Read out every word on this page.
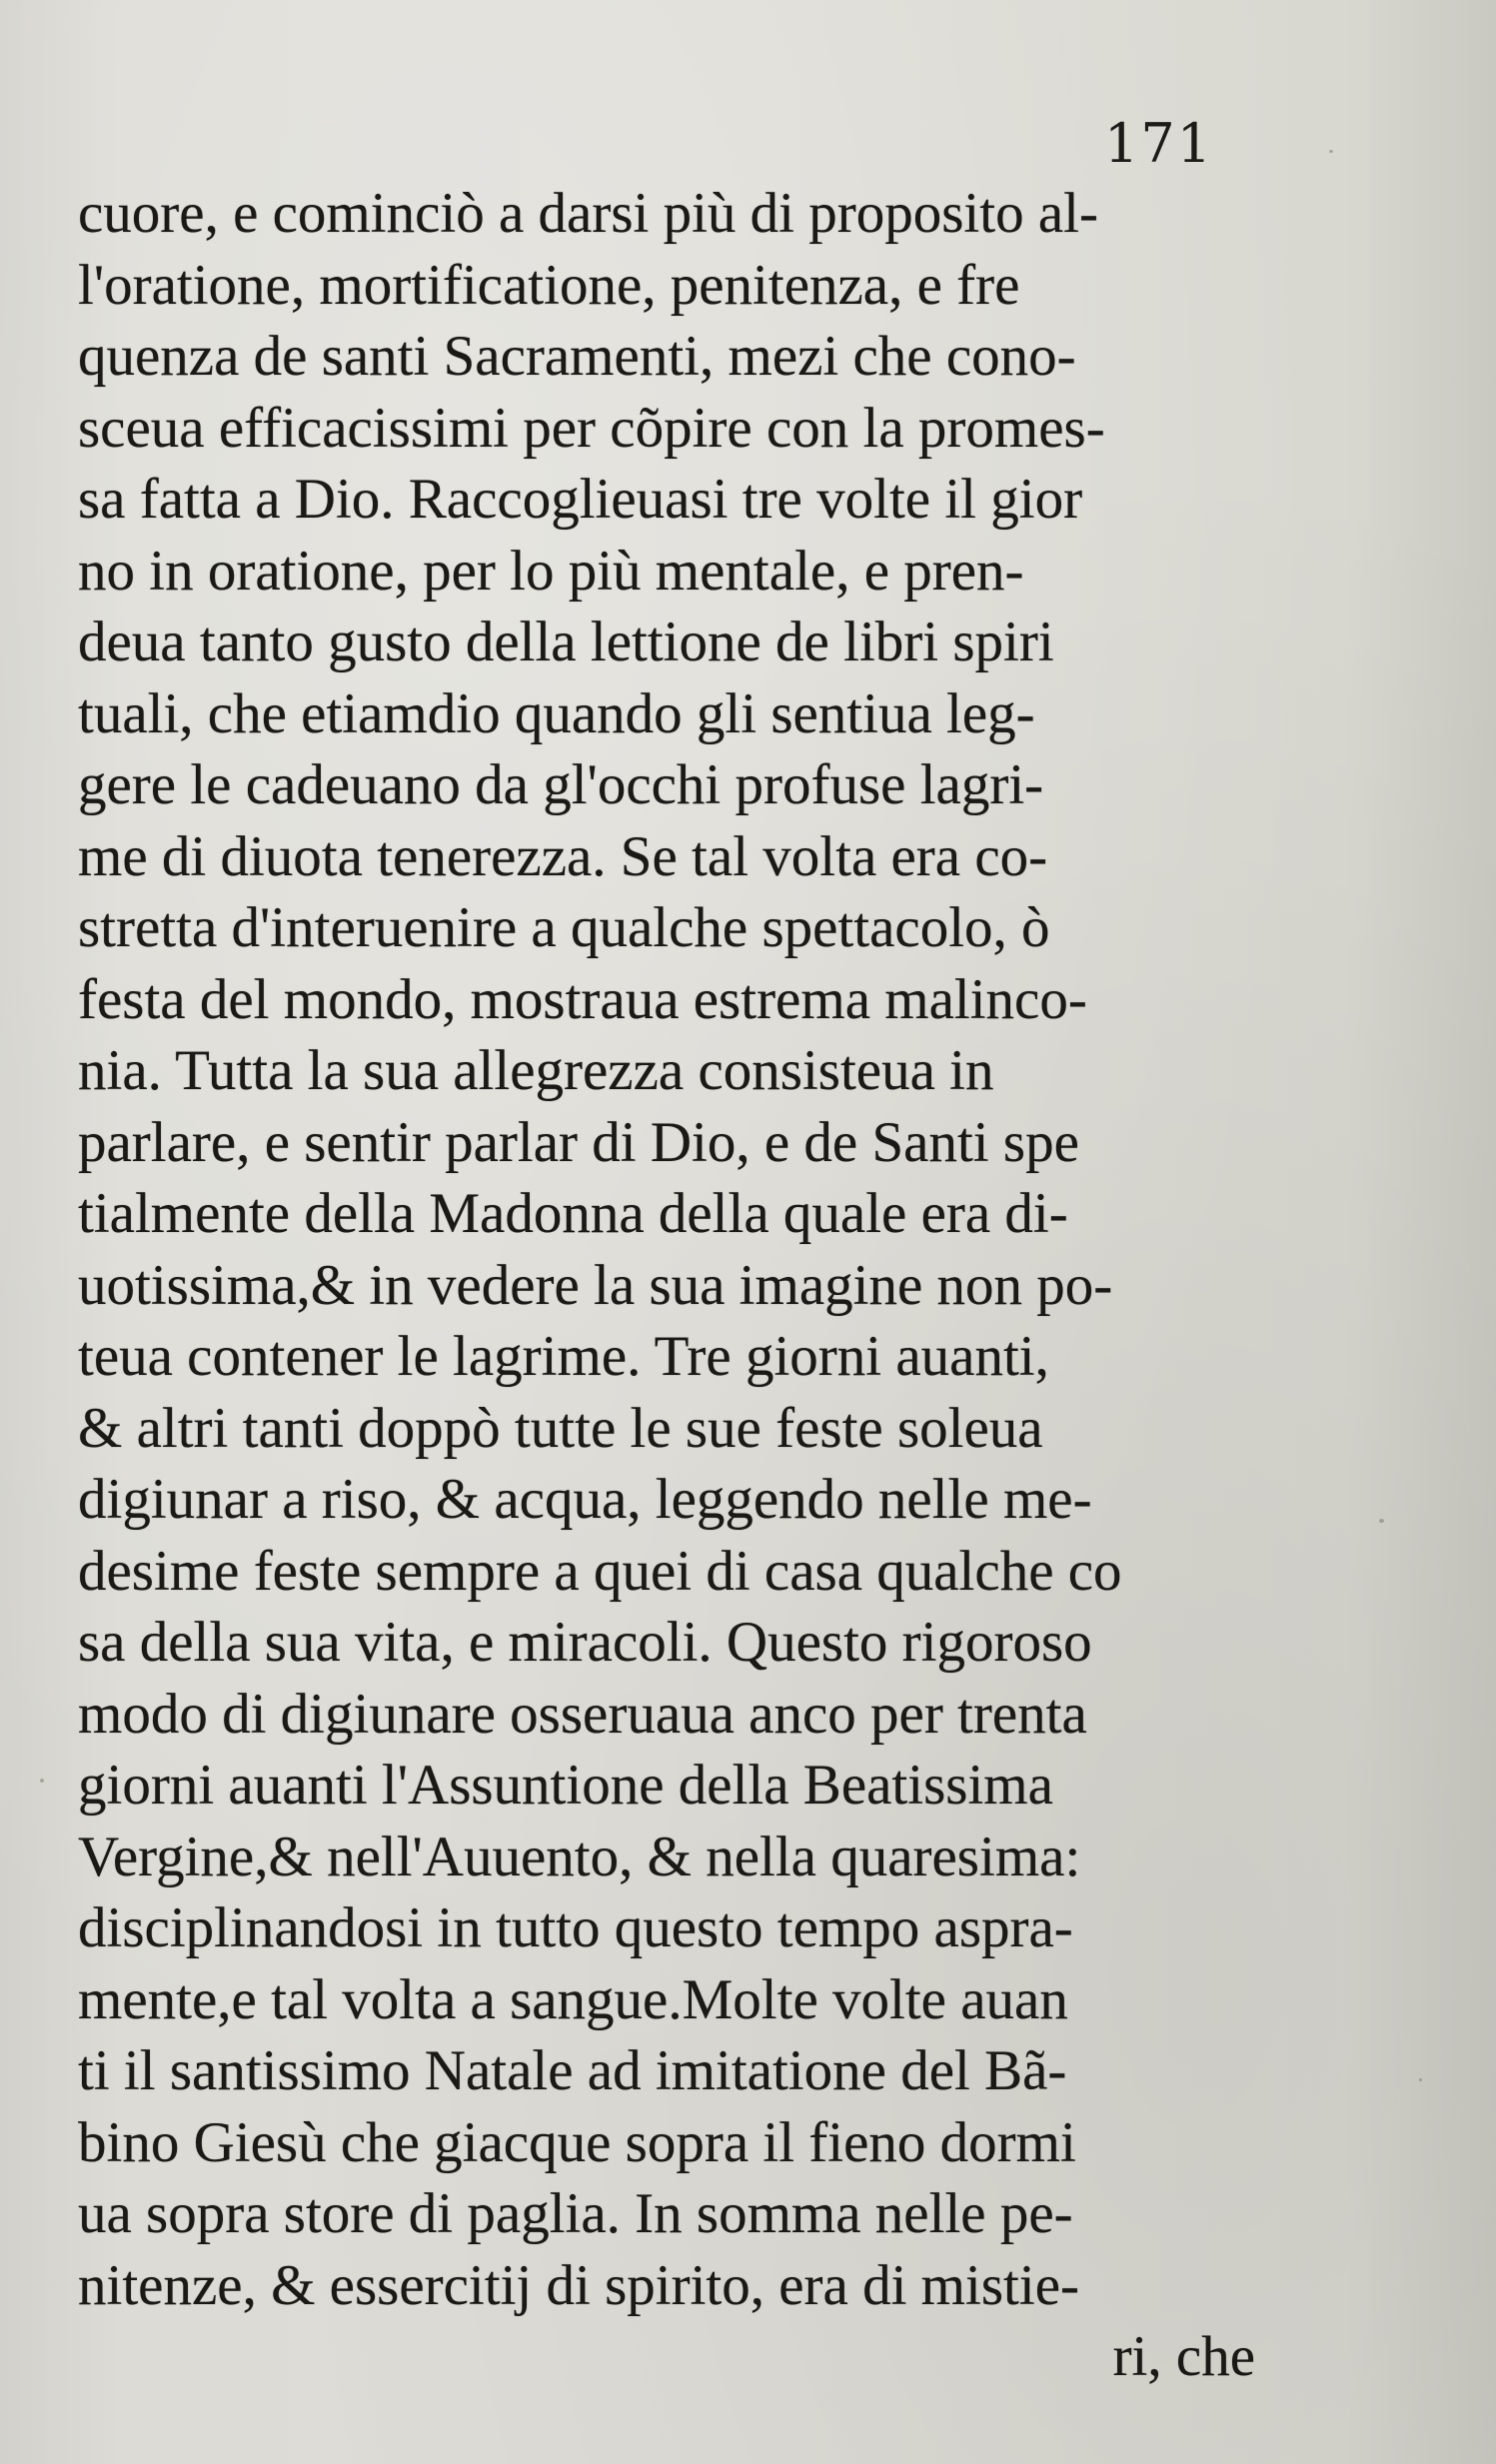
171
cuore, e cominciò a darsi più di proposito al-
l'oratione, mortificatione, penitenza, e fre
quenza de santi Sacramenti, mezi che cono-
sceua efficacissimi per cõpire con la promes-
sa fatta a Dio. Raccoglieuasi tre volte il gior
no in oratione, per lo più mentale, e pren-
deua tanto gusto della lettione de libri spiri
tuali, che etiamdio quando gli sentiua leg-
gere le cadeuano da gl'occhi profuse lagri-
me di diuota tenerezza. Se tal volta era co-
stretta d'interuenire a qualche spettacolo, ò
festa del mondo, mostraua estrema malinco-
nia. Tutta la sua allegrezza consisteua in
parlare, e sentir parlar di Dio, e de Santi spe
tialmente della Madonna della quale era di-
uotissima,& in vedere la sua imagine non po-
teua contener le lagrime. Tre giorni auanti,
& altri tanti doppò tutte le sue feste soleua
digiunar a riso, & acqua, leggendo nelle me-
desime feste sempre a quei di casa qualche co
sa della sua vita, e miracoli. Questo rigoroso
modo di digiunare osseruaua anco per trenta
giorni auanti l'Assuntione della Beatissima
Vergine,& nell'Auuento, & nella quaresima:
disciplinandosi in tutto questo tempo aspra-
mente,e tal volta a sangue.Molte volte auan
ti il santissimo Natale ad imitatione del Bã-
bino Giesù che giacque sopra il fieno dormi
ua sopra store di paglia. In somma nelle pe-
nitenze, & essercitij di spirito, era di mistie-
ri, che
